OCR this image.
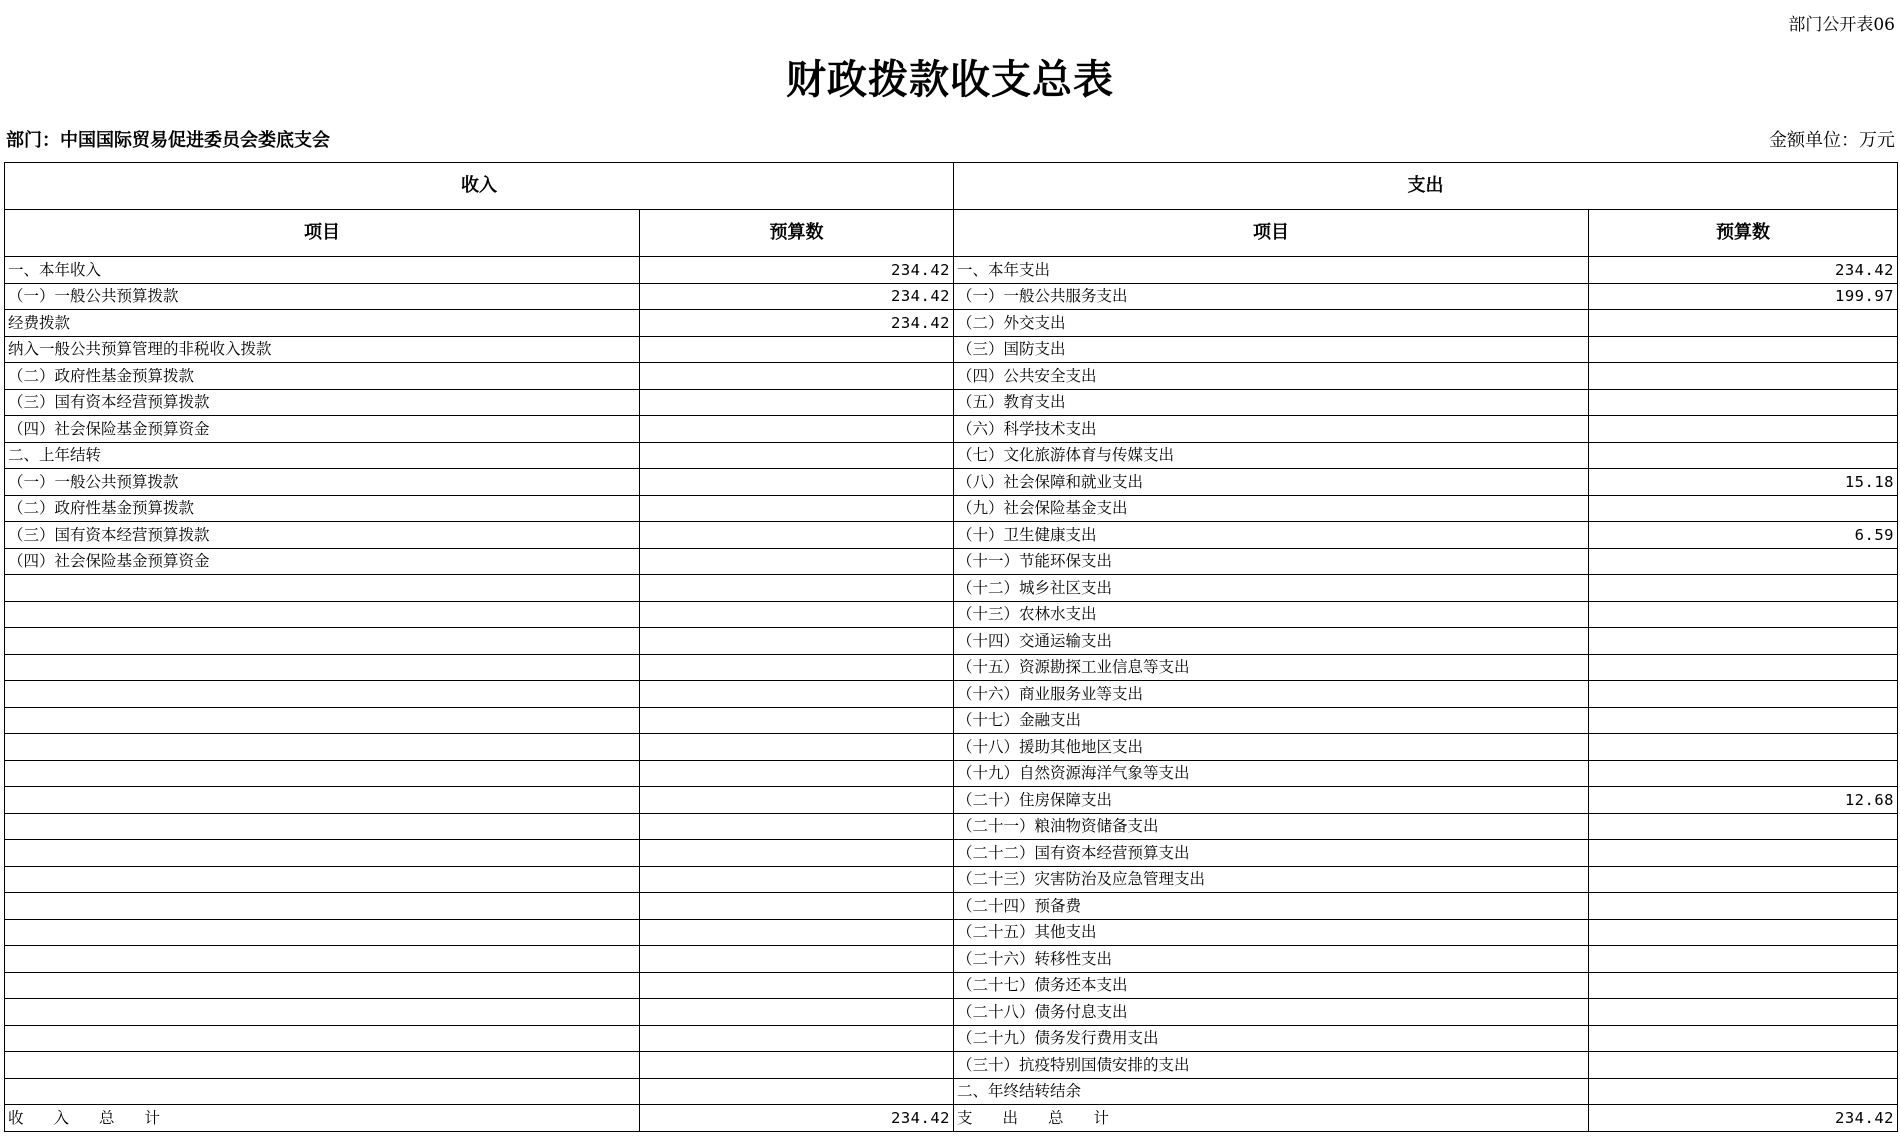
部门公开表06
财政拨款收支总表
部门：中国国际贸易促进委员会娄底支会	金额单位：万元
收入		支出	
项目	预算数	项目	预算数
一、本年收入	234.42	一、本年支出	234.42
（一）一般公共预算拨款	234.42	（一）一般公共服务支出	199.97
经费拨款	234.42	（二）外交支出	
纳入一般公共预算管理的非税收入拨款		（三）国防支出	
（二）政府性基金预算拨款		（四）公共安全支出	
（三）国有资本经营预算拨款		（五）教育支出	
（四）社会保险基金预算资金		（六）科学技术支出	
二、上年结转		（七）文化旅游体育与传媒支出	
（一）一般公共预算拨款		（八）社会保障和就业支出	15.18
（二）政府性基金预算拨款		（九）社会保险基金支出	
（三）国有资本经营预算拨款		（十）卫生健康支出	6.59
（四）社会保险基金预算资金		（十一）节能环保支出	
		（十二）城乡社区支出	
		（十三）农林水支出	
		（十四）交通运输支出	
		（十五）资源勘探工业信息等支出	
		（十六）商业服务业等支出	
		（十七）金融支出	
		（十八）援助其他地区支出	
		（十九）自然资源海洋气象等支出	
		（二十）住房保障支出	12.68
		（二十一）粮油物资储备支出	
		（二十二）国有资本经营预算支出	
		（二十三）灾害防治及应急管理支出	
		（二十四）预备费	
		（二十五）其他支出	
		（二十六）转移性支出	
		（二十七）债务还本支出	
		（二十八）债务付息支出	
		（二十九）债务发行费用支出	
		（三十）抗疫特别国债安排的支出	
		二、年终结转结余	
收入总计	234.42	支出总计	234.42
